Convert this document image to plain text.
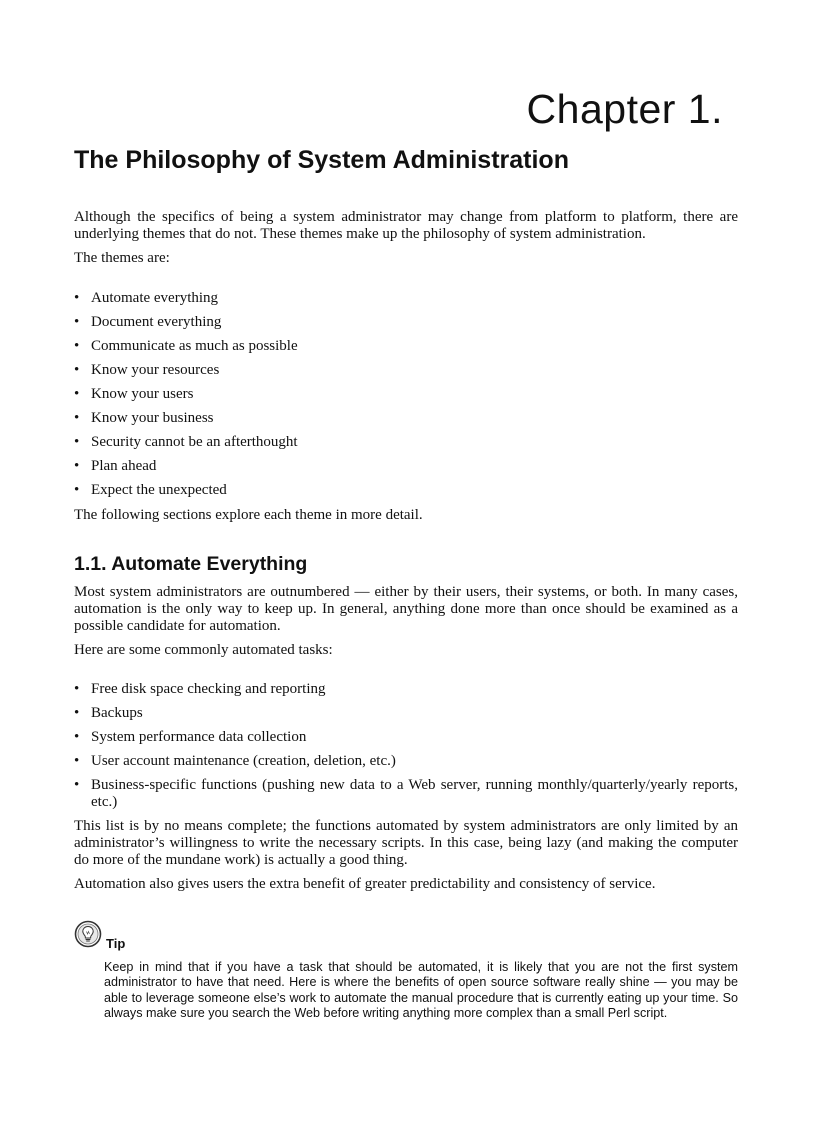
Chapter 1.
The Philosophy of System Administration

Although the specifics of being a system administrator may change from platform to platform, there are underlying themes that do not. These themes make up the philosophy of system administration.

The themes are:

• Automate everything
• Document everything
• Communicate as much as possible
• Know your resources
• Know your users
• Know your business
• Security cannot be an afterthought
• Plan ahead
• Expect the unexpected

The following sections explore each theme in more detail.

1.1. Automate Everything

Most system administrators are outnumbered — either by their users, their systems, or both. In many cases, automation is the only way to keep up. In general, anything done more than once should be examined as a possible candidate for automation.

Here are some commonly automated tasks:

• Free disk space checking and reporting
• Backups
• System performance data collection
• User account maintenance (creation, deletion, etc.)
• Business-specific functions (pushing new data to a Web server, running monthly/quarterly/yearly reports, etc.)

This list is by no means complete; the functions automated by system administrators are only limited by an administrator’s willingness to write the necessary scripts. In this case, being lazy (and making the computer do more of the mundane work) is actually a good thing.

Automation also gives users the extra benefit of greater predictability and consistency of service.

Tip

Keep in mind that if you have a task that should be automated, it is likely that you are not the first system administrator to have that need. Here is where the benefits of open source software really shine — you may be able to leverage someone else’s work to automate the manual procedure that is currently eating up your time. So always make sure you search the Web before writing anything more complex than a small Perl script.
